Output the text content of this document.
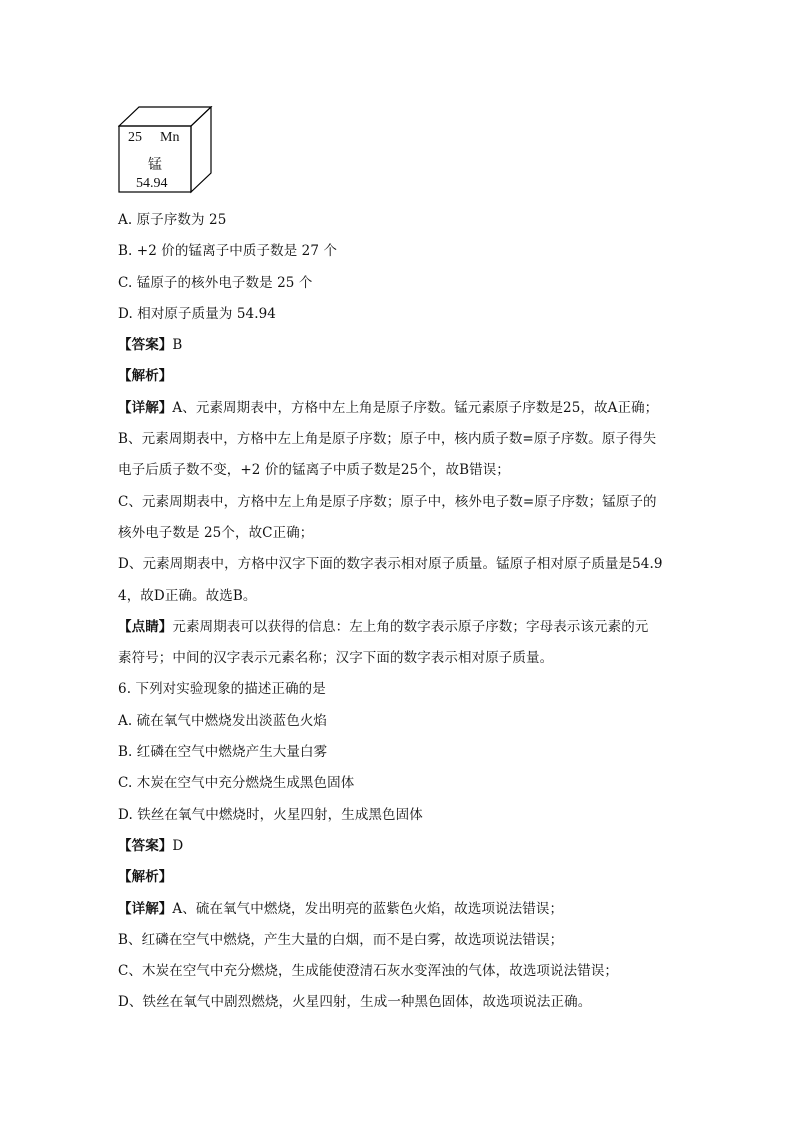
25 Mn
锰
54.94
A. 原子序数为 25
B. +2 价的锰离子中质子数是 27 个
C. 锰原子的核外电子数是 25 个
D. 相对原子质量为 54.94
【答案】B
【解析】
【详解】A、元素周期表中，方格中左上角是原子序数。锰元素原子序数是25，故A正确；
B、元素周期表中，方格中左上角是原子序数；原子中，核内质子数=原子序数。原子得失
电子后质子数不变，+2 价的锰离子中质子数是25个，故B错误；
C、元素周期表中，方格中左上角是原子序数；原子中，核外电子数=原子序数；锰原子的
核外电子数是 25个，故C正确；
D、元素周期表中，方格中汉字下面的数字表示相对原子质量。锰原子相对原子质量是54.9
4，故D正确。故选B。
【点睛】元素周期表可以获得的信息：左上角的数字表示原子序数；字母表示该元素的元
素符号；中间的汉字表示元素名称；汉字下面的数字表示相对原子质量。
6. 下列对实验现象的描述正确的是
A. 硫在氧气中燃烧发出淡蓝色火焰
B. 红磷在空气中燃烧产生大量白雾
C. 木炭在空气中充分燃烧生成黑色固体
D. 铁丝在氧气中燃烧时，火星四射，生成黑色固体
【答案】D
【解析】
【详解】A、硫在氧气中燃烧，发出明亮的蓝紫色火焰，故选项说法错误；
B、红磷在空气中燃烧，产生大量的白烟，而不是白雾，故选项说法错误；
C、木炭在空气中充分燃烧，生成能使澄清石灰水变浑浊的气体，故选项说法错误；
D、铁丝在氧气中剧烈燃烧，火星四射，生成一种黑色固体，故选项说法正确。
